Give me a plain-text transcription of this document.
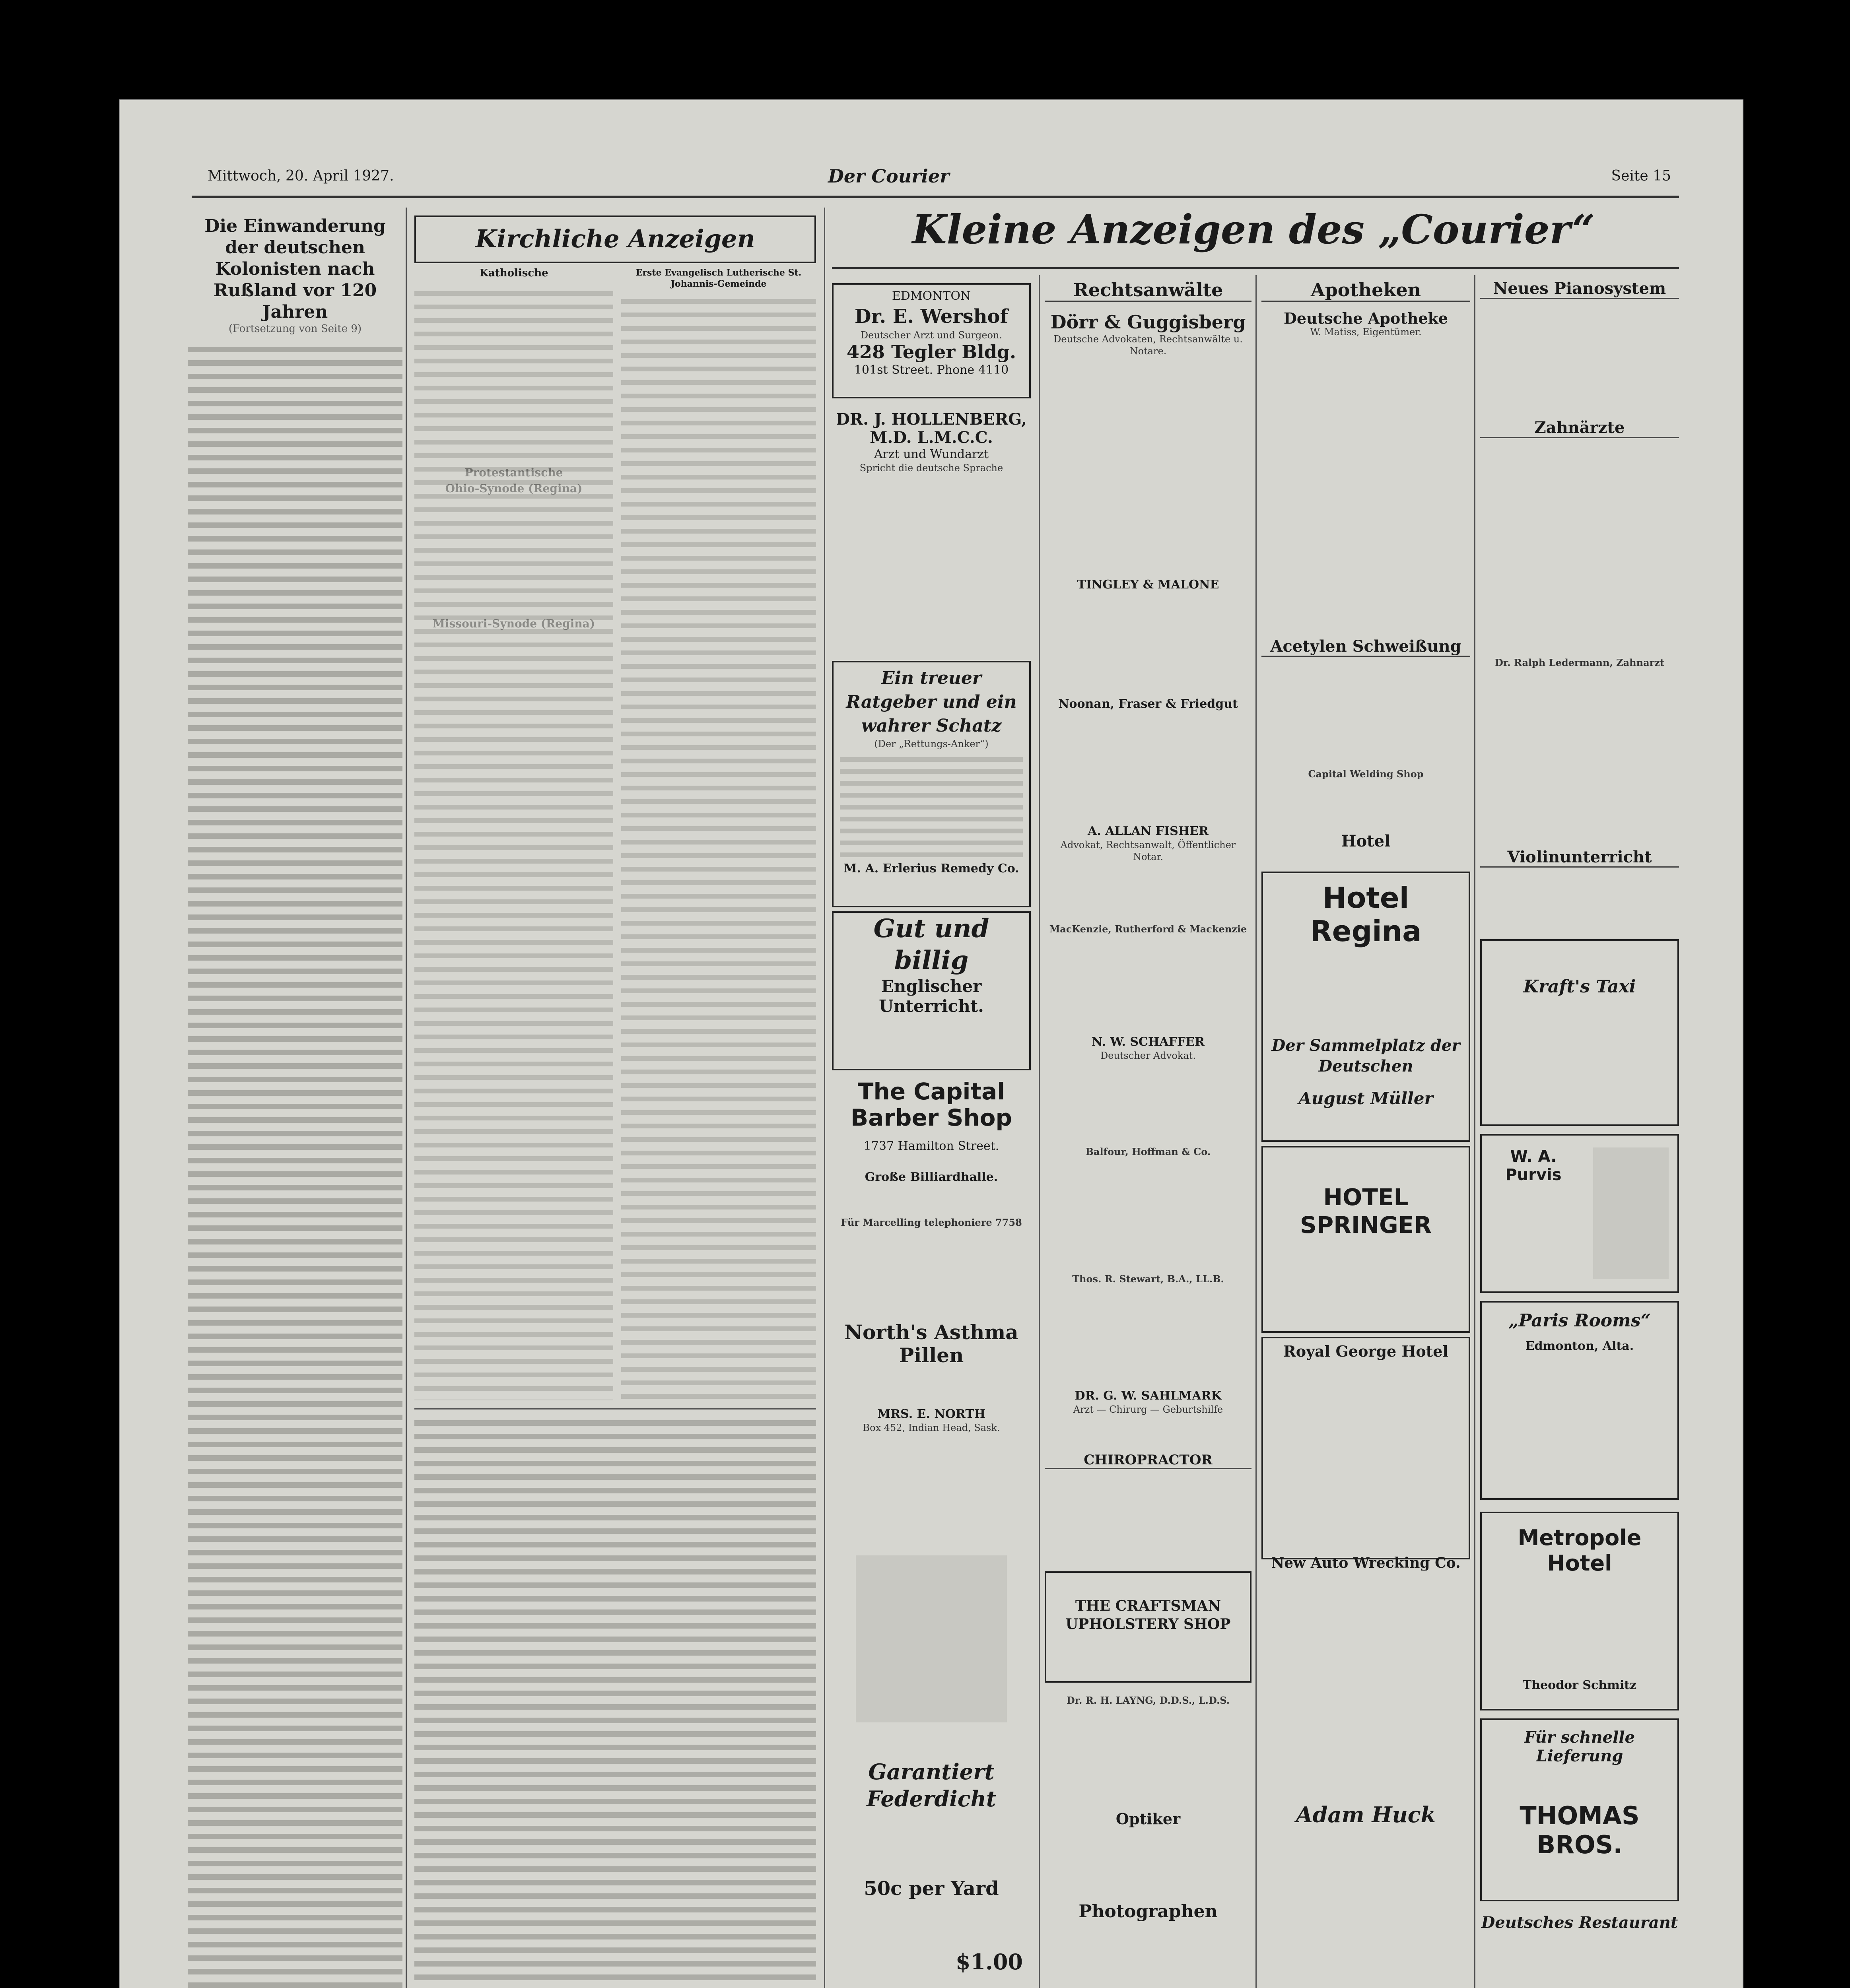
Mittwoch, 20. April 1927.	Der Courier	Seite 15
Die Einwanderung der deutschen Kolonisten nach Rußland vor 120 Jahren
(Fortsetzung von Seite 9)
Kirchliche Anzeigen
Katholische	Erste Evangelisch Lutherische St. Johannis-Gemeinde
Kleine Anzeigen des „Courier“
EDMONTON
Dr. E. Wershof
Deutscher Arzt und Surgeon.
428 Tegler Bldg.
101st Street. Phone 4110
DR. J. HOLLENBERG, M.D. L.M.C.C.
Arzt und Wundarzt
Spricht die deutsche Sprache
Ein treuer Ratgeber und ein wahrer Schatz
(Der „Rettungs-Anker“)
M. A. Erlerius Remedy Co.
Gut und billig
Englischer Unterricht.
The Capital Barber Shop
1737 Hamilton Street.
Große Billiardhalle.
Für Marcelling telephoniere 7758
North's Asthma Pillen
MRS. E. NORTH
Box 452, Indian Head, Sask.
Garantiert Federdicht
50c per Yard
$1.00
Rechtsanwälte
Dörr & Guggisberg
Deutsche Advokaten, Rechtsanwälte u. Notare.
TINGLEY & MALONE
Noonan, Fraser & Friedgut
A. ALLAN FISHER
Advokat, Rechtsanwalt, Öffentlicher Notar.
MacKenzie, Rutherford & Mackenzie
N. W. SCHAFFER
Deutscher Advokat.
Balfour, Hoffman & Co.
Thos. R. Stewart, B.A., LL.B.
DR. G. W. SAHLMARK
Arzt — Chirurg — Geburtshilfe
CHIROPRACTOR
THE CRAFTSMAN UPHOLSTERY SHOP
Dr. R. H. LAYNG, D.D.S., L.D.S.
Optiker
Photographen
Apotheken
Deutsche Apotheke
W. Matiss, Eigentümer.
Acetylen Schweißung
Capital Welding Shop
Hotel
Hotel Regina
Der Sammelplatz der Deutschen
August Müller
HOTEL SPRINGER
Royal George Hotel
New Auto Wrecking Co.
Adam Huck
Neues Pianosystem
Zahnärzte
Dr. Ralph Ledermann, Zahnarzt
Violinunterricht
Kraft's Taxi
W. A. Purvis
„Paris Rooms“
Edmonton, Alta.
Metropole Hotel
Theodor Schmitz
Für schnelle Lieferung
THOMAS BROS.
Deutsches Restaurant
